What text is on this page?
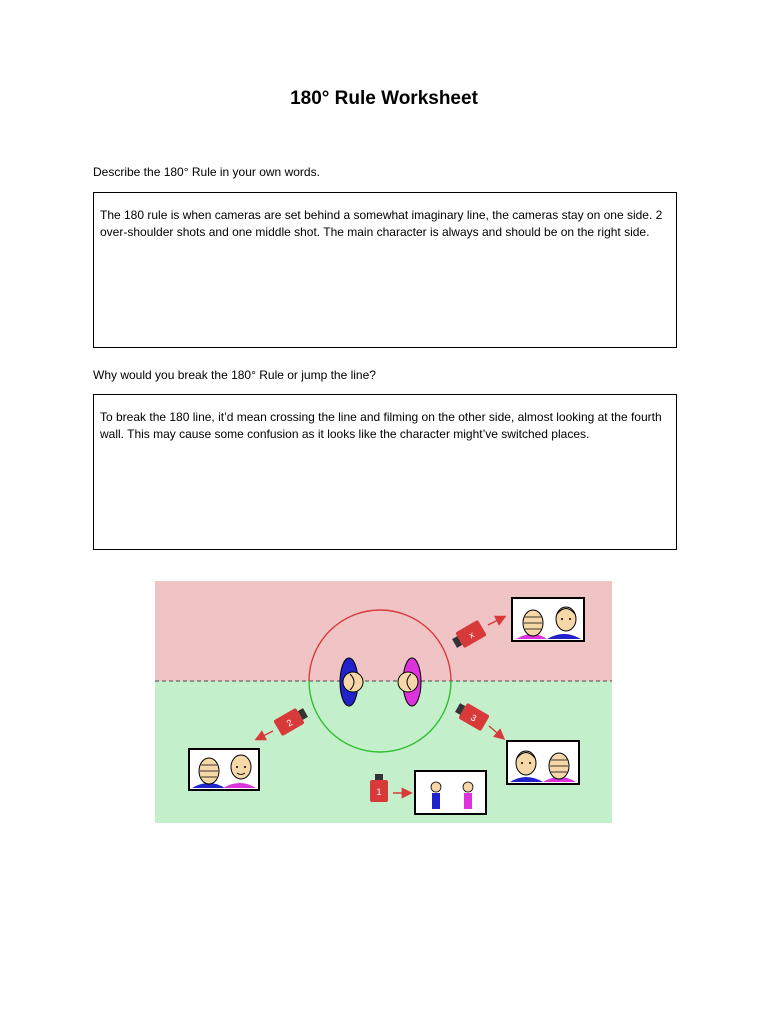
180° Rule Worksheet
Describe the 180° Rule in your own words.
The 180 rule is when cameras are set behind a somewhat imaginary line, the cameras stay on one side. 2 over-shoulder shots and one middle shot. The main character is always and should be on the right side.
Why would you break the 180° Rule or jump the line?
To break the 180 line, it’d mean crossing the line and filming on the other side, almost looking at the fourth wall. This may cause some confusion as it looks like the character might’ve switched places.
x
2	3
1
